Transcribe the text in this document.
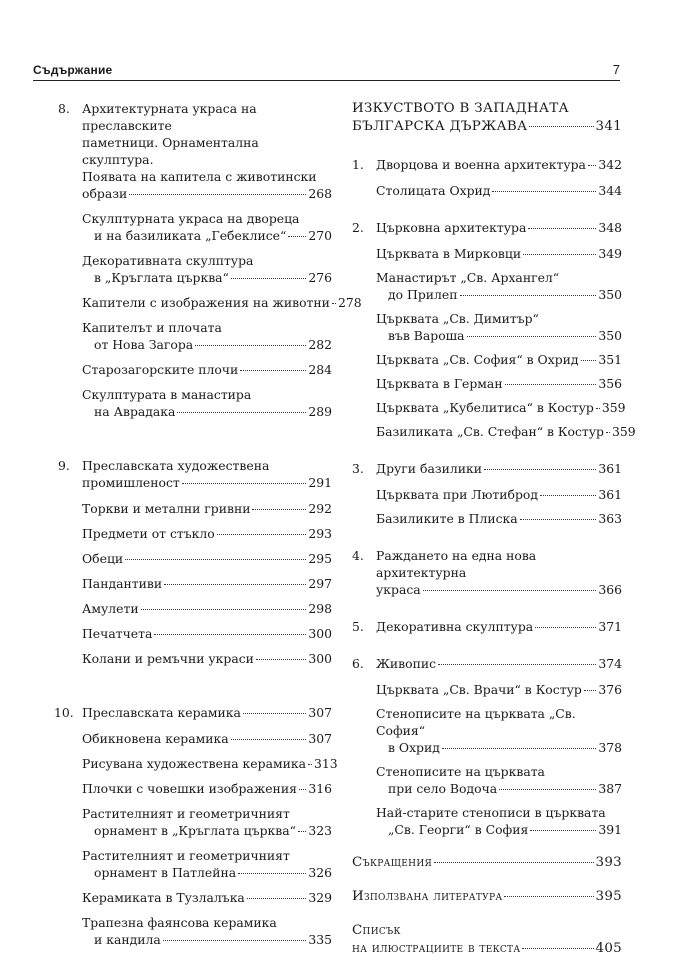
Съдържание	7
8. Архитектурната украса на преславските
паметници. Орнаментална скулптура.
Появата на капитела с животински
образи	268
Скулптурната украса на двореца
и на базиликата „Гебеклисе“ 270
Декоративната скулптура
в „Кръглата църква“	276
Капители с изображения на животни 278
Капителът и плочата
от Нова Загора	282
Старозагорските плочи	284
Скулптурата в манастира
на Аврадака	289
9. Преславската художествена
промишленост	291
Торкви и метални гривни	292
Предмети от стъкло	293
Обеци	295
Пандантиви	297
Амулети	298
Печатчета	300
Колани и ремъчни украси	300
10. Преславската керамика	307
Обикновена керамика	307
Рисувана художествена керамика 313
Плочки с човешки изображения 316
Растителният и геометричният
орнамент в „Кръглата църква“ 323
Растителният и геометричният
орнамент в Патлейна	326
Керамиката в Тузлалъка	329
Трапезна фаянсова керамика
и кандила	335
ИЗКУСТВОТО В ЗАПАДНАТА
БЪЛГАРСКА ДЪРЖАВА	341
1. Дворцова и военна архитектура 342
Столицата Охрид	344
2. Църковна архитектура	348
Църквата в Мирковци	349
Манастирът „Св. Архангел“
до Прилеп	350
Църквата „Св. Димитър“
във Вароша	350
Църквата „Св. София“ в Охрид 351
Църквата в Герман	356
Църквата „Кубелитиса“ в Костур 359
Базиликата „Св. Стефан“ в Костур 359
3. Други базилики	361
Църквата при Лютиброд	361
Базиликите в Плиска	363
4. Раждането на една нова архитектурна
украса	366
5. Декоративна скулптура	371
6. Живопис	374
Църквата „Св. Врачи“ в Костур 376
Стенописите на църквата „Св. София“
в Охрид	378
Стенописите на църквата
при село Водоча	387
Най-старите стенописи в църквата
„Св. Георги“ в София	391
Съкращения	393
Използвана литература	395
Списък
на илюстрациите в текста	405
